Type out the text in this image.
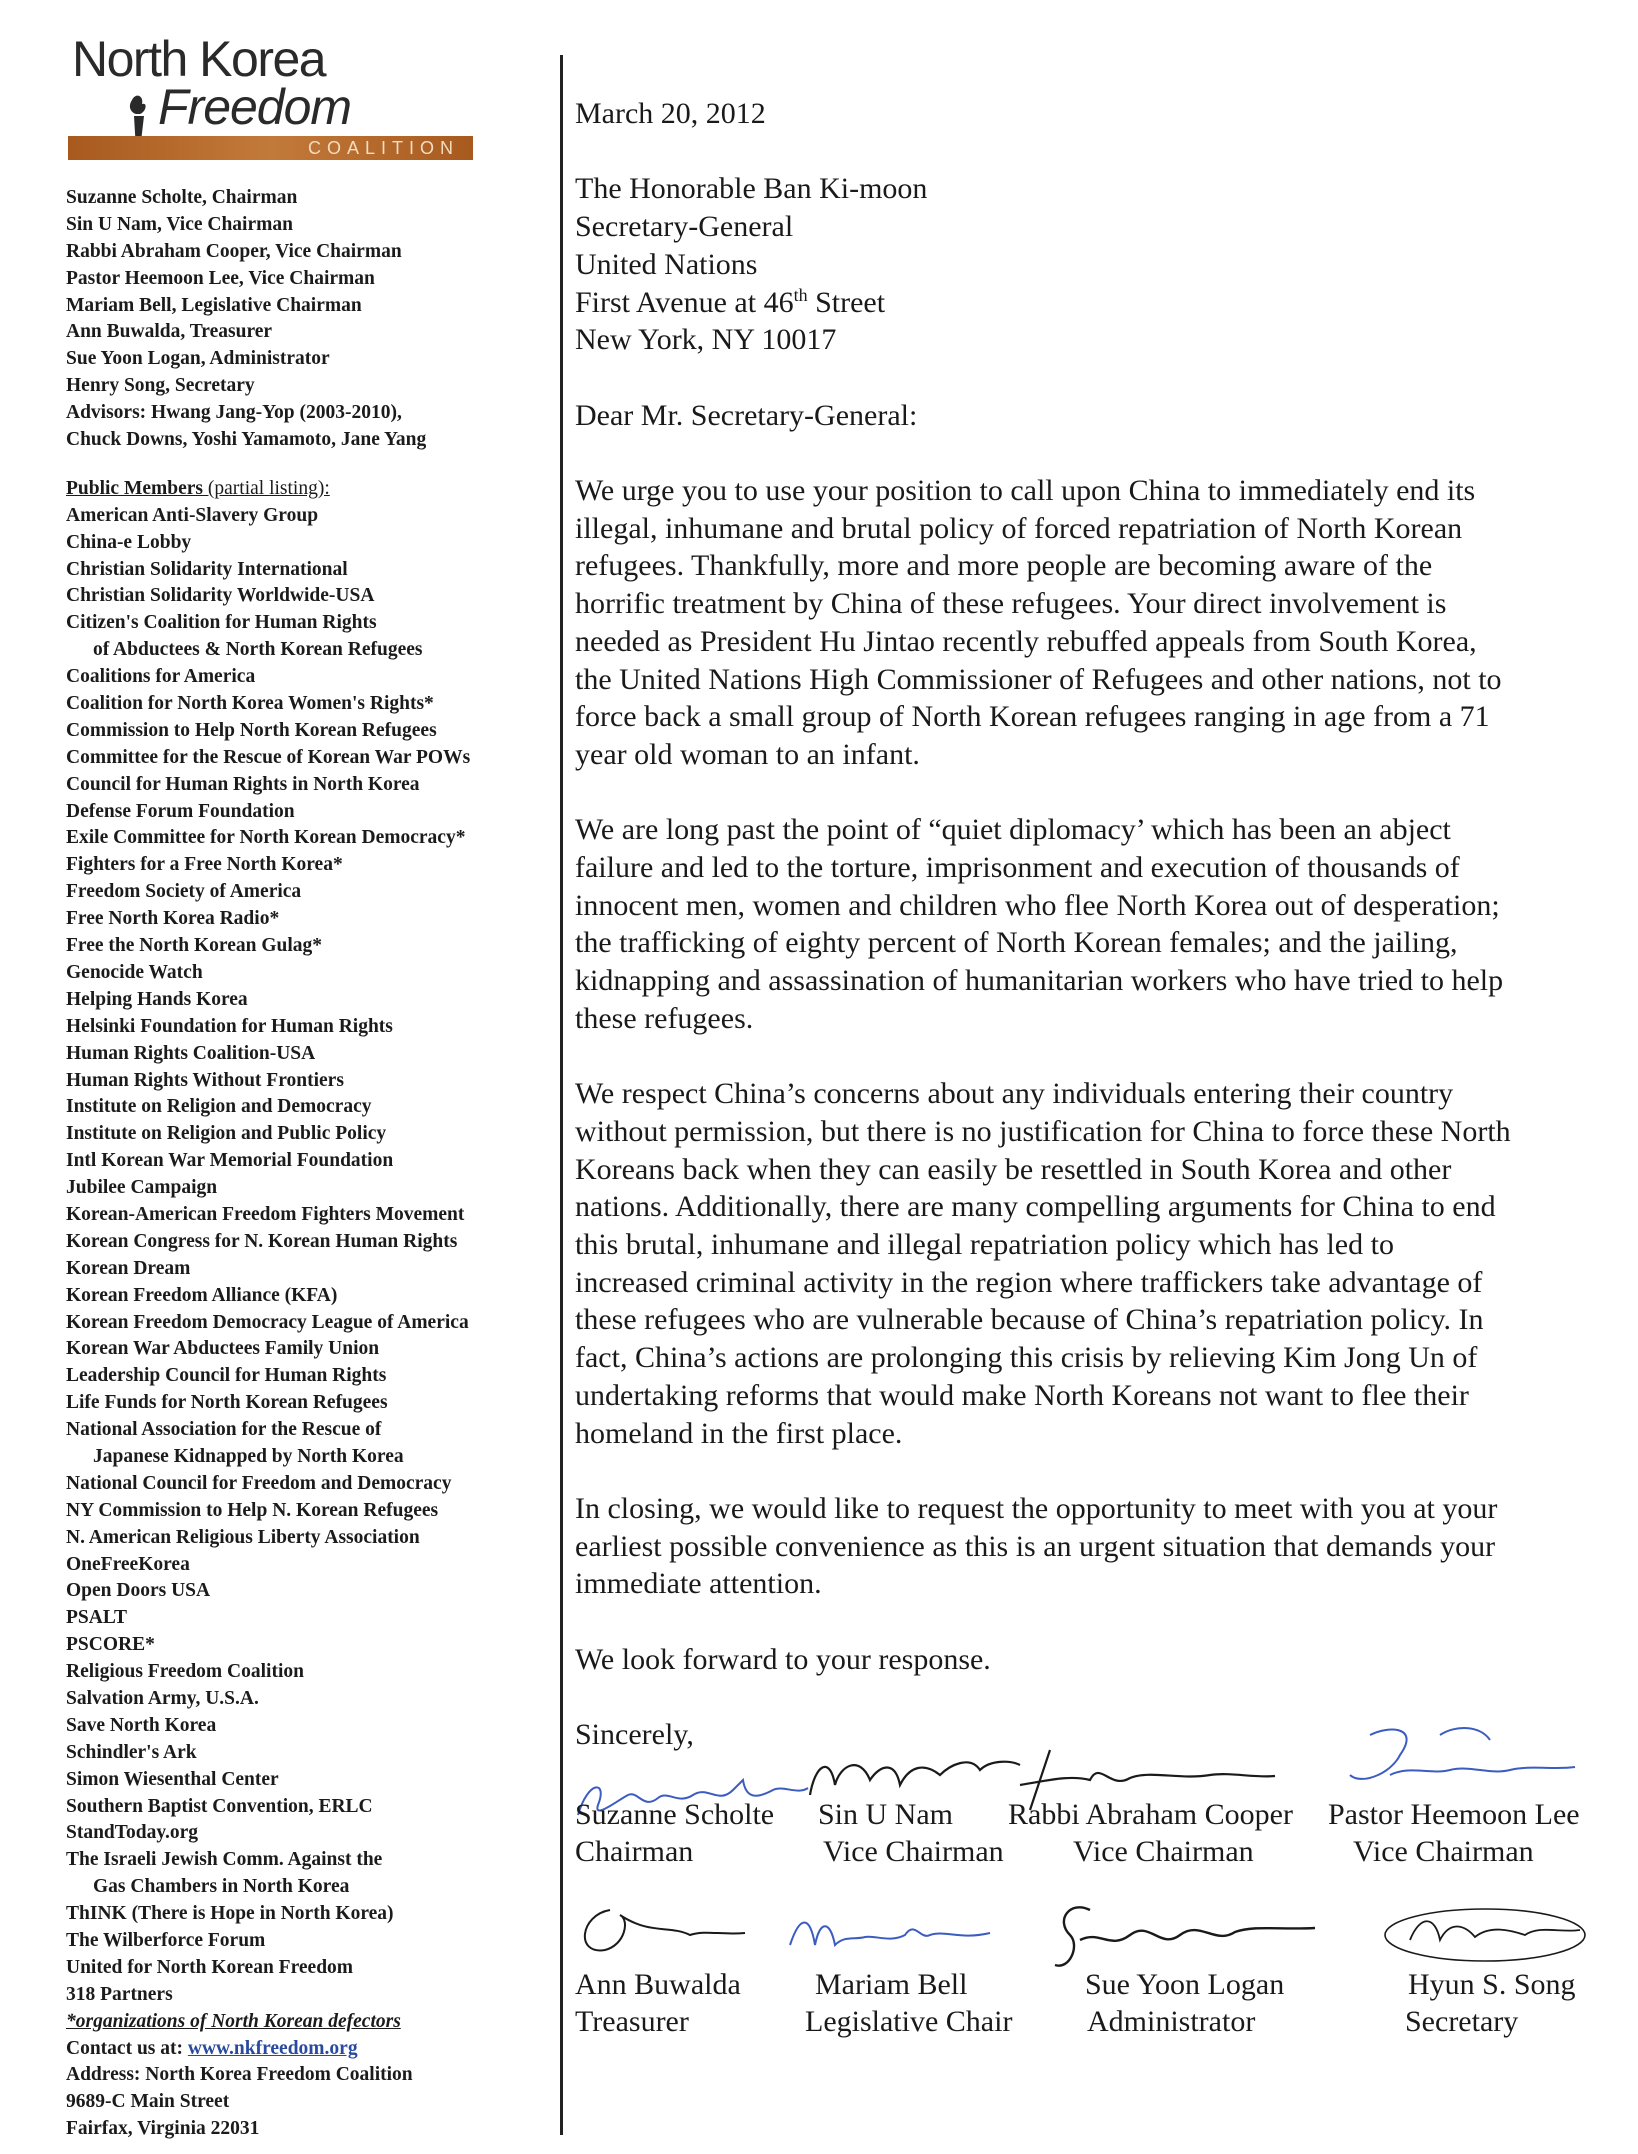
North Korea
Freedom
COALITION
Suzanne Scholte, Chairman
Sin U Nam, Vice Chairman
Rabbi Abraham Cooper, Vice Chairman
Pastor Heemoon Lee, Vice Chairman
Mariam Bell, Legislative Chairman
Ann Buwalda, Treasurer
Sue Yoon Logan, Administrator
Henry Song, Secretary
Advisors: Hwang Jang-Yop (2003-2010),
Chuck Downs, Yoshi Yamamoto, Jane Yang
Public Members (partial listing):
American Anti-Slavery Group
China-e Lobby
Christian Solidarity International
Christian Solidarity Worldwide-USA
Citizen's Coalition for Human Rights
of Abductees & North Korean Refugees
Coalitions for America
Coalition for North Korea Women's Rights*
Commission to Help North Korean Refugees
Committee for the Rescue of Korean War POWs
Council for Human Rights in North Korea
Defense Forum Foundation
Exile Committee for North Korean Democracy*
Fighters for a Free North Korea*
Freedom Society of America
Free North Korea Radio*
Free the North Korean Gulag*
Genocide Watch
Helping Hands Korea
Helsinki Foundation for Human Rights
Human Rights Coalition-USA
Human Rights Without Frontiers
Institute on Religion and Democracy
Institute on Religion and Public Policy
Intl Korean War Memorial Foundation
Jubilee Campaign
Korean-American Freedom Fighters Movement
Korean Congress for N. Korean Human Rights
Korean Dream
Korean Freedom Alliance (KFA)
Korean Freedom Democracy League of America
Korean War Abductees Family Union
Leadership Council for Human Rights
Life Funds for North Korean Refugees
National Association for the Rescue of
Japanese Kidnapped by North Korea
National Council for Freedom and Democracy
NY Commission to Help N. Korean Refugees
N. American Religious Liberty Association
OneFreeKorea
Open Doors USA
PSALT
PSCORE*
Religious Freedom Coalition
Salvation Army, U.S.A.
Save North Korea
Schindler's Ark
Simon Wiesenthal Center
Southern Baptist Convention, ERLC
StandToday.org
The Israeli Jewish Comm. Against the
Gas Chambers in North Korea
ThINK (There is Hope in North Korea)
The Wilberforce Forum
United for North Korean Freedom
318 Partners
*organizations of North Korean defectors
Contact us at: www.nkfreedom.org
Address: North Korea Freedom Coalition
9689-C Main Street
Fairfax, Virginia 22031
March 20, 2012
The Honorable Ban Ki-moon
Secretary-General
United Nations
First Avenue at 46th Street
New York, NY 10017
Dear Mr. Secretary-General:
We urge you to use your position to call upon China to immediately end its
illegal, inhumane and brutal policy of forced repatriation of North Korean
refugees. Thankfully, more and more people are becoming aware of the
horrific treatment by China of these refugees. Your direct involvement is
needed as President Hu Jintao recently rebuffed appeals from South Korea,
the United Nations High Commissioner of Refugees and other nations, not to
force back a small group of North Korean refugees ranging in age from a 71
year old woman to an infant.
We are long past the point of “quiet diplomacy’ which has been an abject
failure and led to the torture, imprisonment and execution of thousands of
innocent men, women and children who flee North Korea out of desperation;
the trafficking of eighty percent of North Korean females; and the jailing,
kidnapping and assassination of humanitarian workers who have tried to help
these refugees.
We respect China’s concerns about any individuals entering their country
without permission, but there is no justification for China to force these North
Koreans back when they can easily be resettled in South Korea and other
nations. Additionally, there are many compelling arguments for China to end
this brutal, inhumane and illegal repatriation policy which has led to
increased criminal activity in the region where traffickers take advantage of
these refugees who are vulnerable because of China’s repatriation policy. In
fact, China’s actions are prolonging this crisis by relieving Kim Jong Un of
undertaking reforms that would make North Koreans not want to flee their
homeland in the first place.
In closing, we would like to request the opportunity to meet with you at your
earliest possible convenience as this is an urgent situation that demands your
immediate attention.
We look forward to your response.
Sincerely,
Suzanne Scholte
Chairman
Sin U Nam
Vice Chairman
Rabbi Abraham Cooper
Vice Chairman
Pastor Heemoon Lee
Vice Chairman
Ann Buwalda
Treasurer
Mariam Bell
Legislative Chair
Sue Yoon Logan
Administrator
Hyun S. Song
Secretary
